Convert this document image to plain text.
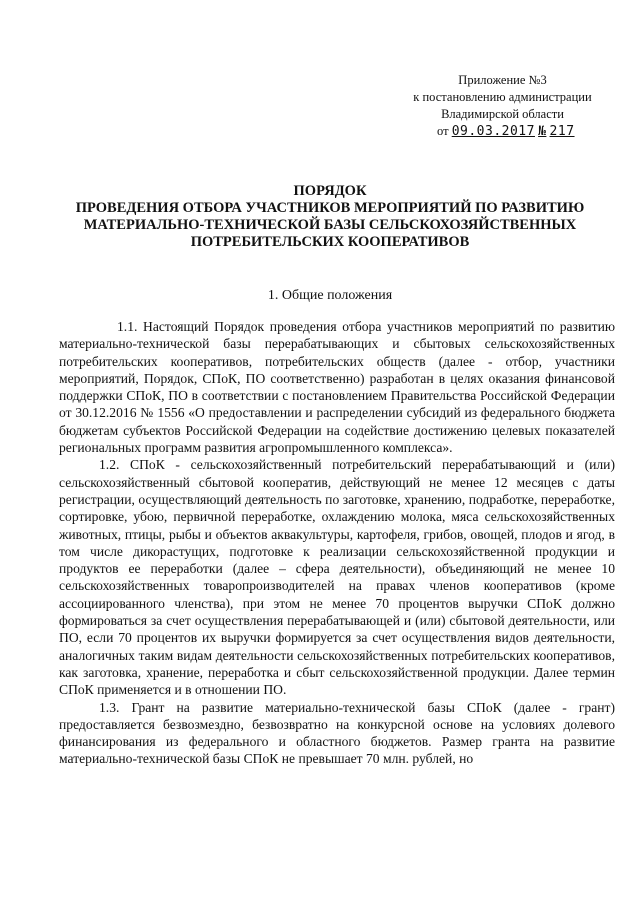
Приложение №3
к постановлению администрации
Владимирской области
от 09.03.2017 № 217
ПОРЯДОК
ПРОВЕДЕНИЯ ОТБОРА УЧАСТНИКОВ МЕРОПРИЯТИЙ ПО РАЗВИТИЮ
МАТЕРИАЛЬНО-ТЕХНИЧЕСКОЙ БАЗЫ СЕЛЬСКОХОЗЯЙСТВЕННЫХ
ПОТРЕБИТЕЛЬСКИХ КООПЕРАТИВОВ
1. Общие положения

1.1. Настоящий Порядок проведения отбора участников мероприятий по развитию материально-технической базы перерабатывающих и сбытовых сельскохозяйственных потребительских кооперативов, потребительских обществ (далее - отбор, участники мероприятий, Порядок, СПоК, ПО соответственно) разработан в целях оказания финансовой поддержки СПоК, ПО в соответствии с постановлением Правительства Российской Федерации от 30.12.2016 № 1556 «О предоставлении и распределении субсидий из федерального бюджета бюджетам субъектов Российской Федерации на содействие достижению целевых показателей региональных программ развития агропромышленного комплекса».

1.2. СПоК - сельскохозяйственный потребительский перерабатывающий и (или) сельскохозяйственный сбытовой кооператив, действующий не менее 12 месяцев с даты регистрации, осуществляющий деятельность по заготовке, хранению, подработке, переработке, сортировке, убою, первичной переработке, охлаждению молока, мяса сельскохозяйственных животных, птицы, рыбы и объектов аквакультуры, картофеля, грибов, овощей, плодов и ягод, в том числе дикорастущих, подготовке к реализации сельскохозяйственной продукции и продуктов ее переработки (далее – сфера деятельности), объединяющий не менее 10 сельскохозяйственных товаропроизводителей на правах членов кооперативов (кроме ассоциированного членства), при этом не менее 70 процентов выручки СПоК должно формироваться за счет осуществления перерабатывающей и (или) сбытовой деятельности, или ПО, если 70 процентов их выручки формируется за счет осуществления видов деятельности, аналогичных таким видам деятельности сельскохозяйственных потребительских кооперативов, как заготовка, хранение, переработка и сбыт сельскохозяйственной продукции. Далее термин СПоК применяется и в отношении ПО.

1.3. Грант на развитие материально-технической базы СПоК (далее - грант) предоставляется безвозмездно, безвозвратно на конкурсной основе на условиях долевого финансирования из федерального и областного бюджетов. Размер гранта на развитие материально-технической базы СПоК не превышает 70 млн. рублей, но
